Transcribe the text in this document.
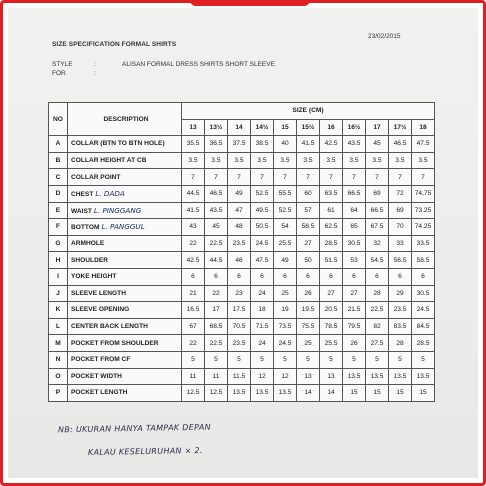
23/02/2015
SIZE SPECIFICATION FORMAL SHIRTS
STYLE	:	ALISAN FORMAL DRESS SHIRTS SHORT SLEEVE
FOR	:
NO	DESCRIPTION	SIZE (CM)										
		13	13½	14	14½	15	15½	16	16½	17	17½	18
A	COLLAR (BTN TO BTN HOLE)	35.5	36.5	37.5	38.5	40	41.5	42.5	43.5	45	46.5	47.5
B	COLLAR HEIGHT AT CB	3.5	3.5	3.5	3.5	3.5	3.5	3.5	3.5	3.5	3.5	3.5
C	COLLAR POINT	7	7	7	7	7	7	7	7	7	7	7
D	CHEST L. DADA	44.5	46.5	49	52.5	55.5	60	63.5	66.5	69	72	74,75
E	WAIST L. PINGGANG	41.5	43.5	47	49.5	52.5	57	61	64	66.5	69	73.25
F	BOTTOM L. PANGGUL	43	45	48	50.5	54	58.5	62.5	65	67.5	70	74.25
G	ARMHOLE	22	22.5	23.5	24.5	25.5	27	28.5	30.5	32	33	33.5
H	SHOULDER	42.5	44.5	46	47.5	49	50	51.5	53	54.5	56.5	58.5
I	YOKE HEIGHT	6	6	6	6	6	6	6	6	6	6	6
J	SLEEVE LENGTH	21	22	23	24	25	26	27	27	28	29	30.5
K	SLEEVE OPENING	16.5	17	17.5	18	19	19.5	20.5	21.5	22.5	23.5	24.5
L	CENTER BACK LENGTH	67	68.5	70.5	71.5	73.5	75.5	78.5	79.5	82	83.5	84.5
M	POCKET FROM SHOULDER	22	22.5	23.5	24	24.5	25	25.5	26	27.5	28	28.5
N	POCKET FROM CF	5	5	5	5	5	5	5	5	5	5	5
O	POCKET WIDTH	11	11	11.5	12	12	13	13	13.5	13.5	13.5	13.5
P	POCKET LENGTH	12.5	12.5	13.5	13.5	13.5	14	14	15	15	15	15
NB: UKURAN HANYA TAMPAK DEPAN
KALAU KESELURUHAN × 2.
